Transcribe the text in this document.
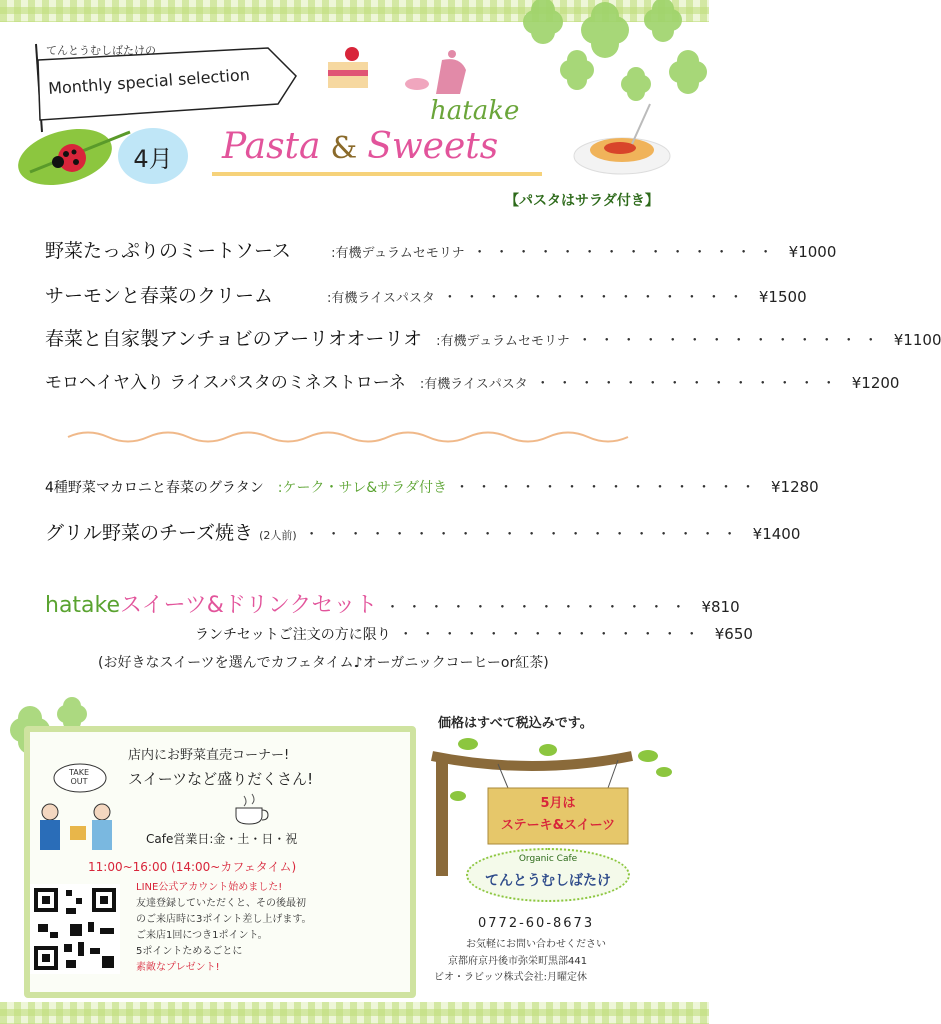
てんとうむしばたけの
Monthly special selection
4月
hatake
Pasta & Sweets
【パスタはサラダ付き】
野菜たっぷりのミートソース	:有機デュラムセモリナ ・・・・・・・・・・・・・・ ¥1000
サーモンと春菜のクリーム	:有機ライスパスタ ・・・・・・・・・・・・・・ ¥1500
春菜と自家製アンチョビのアーリオオーリオ :有機デュラムセモリナ ・・・・・・・・・・・・・・ ¥1100
モロヘイヤ入り ライスパスタのミネストローネ :有機ライスパスタ ・・・・・・・・・・・・・・ ¥1200
4種野菜マカロニと春菜のグラタン :ケーク・サレ&サラダ付き ・・・・・・・・・・・・・・ ¥1280
グリル野菜のチーズ焼き (2人前) ・・・・・・・・・・・・・・・・・・・・ ¥1400
hatake スイーツ&ドリンクセット ・・・・・・・・・・・・・・ ¥810
ランチセットご注文の方に限り ・・・・・・・・・・・・・・ ¥650
(お好きなスイーツを選んでカフェタイム♪オーガニックコーヒーor紅茶)
TAKE OUT
店内にお野菜直売コーナー!
スイーツなど盛りだくさん!
Cafe営業日:金・土・日・祝
11:00~16:00 (14:00~カフェタイム)
LINE公式アカウント始めました!
友達登録していただくと、その後最初
のご来店時に3ポイント差し上げます。
ご来店1回につき1ポイント。
5ポイントためるごとに
素敵なプレゼント!
価格はすべて税込みです。
5月は
ステーキ&スイーツ
Organic Cafe
てんとうむしばたけ
0772-60-8673
お気軽にお問い合わせください
京都府京丹後市弥栄町黒部441
ビオ・ラビッツ株式会社:月曜定休
